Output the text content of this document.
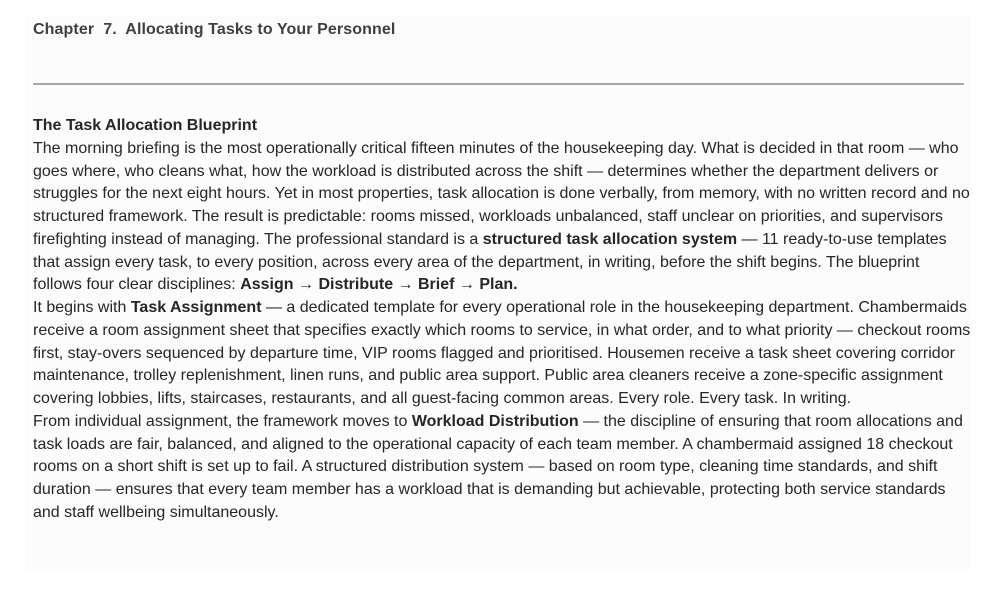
Chapter  7.  Allocating Tasks to Your Personnel

The Task Allocation Blueprint

The morning briefing is the most operationally critical fifteen minutes of the housekeeping day. What is decided in that room — who goes where, who cleans what, how the workload is distributed across the shift — determines whether the department delivers or struggles for the next eight hours. Yet in most properties, task allocation is done verbally, from memory, with no written record and no structured framework. The result is predictable: rooms missed, workloads unbalanced, staff unclear on priorities, and supervisors firefighting instead of managing. The professional standard is a structured task allocation system — 11 ready-to-use templates that assign every task, to every position, across every area of the department, in writing, before the shift begins. The blueprint follows four clear disciplines: Assign → Distribute → Brief → Plan.

It begins with Task Assignment — a dedicated template for every operational role in the housekeeping department. Chambermaids receive a room assignment sheet that specifies exactly which rooms to service, in what order, and to what priority — checkout rooms first, stay-overs sequenced by departure time, VIP rooms flagged and prioritised. Housemen receive a task sheet covering corridor maintenance, trolley replenishment, linen runs, and public area support. Public area cleaners receive a zone-specific assignment covering lobbies, lifts, staircases, restaurants, and all guest-facing common areas. Every role. Every task. In writing.

From individual assignment, the framework moves to Workload Distribution — the discipline of ensuring that room allocations and task loads are fair, balanced, and aligned to the operational capacity of each team member. A chambermaid assigned 18 checkout rooms on a short shift is set up to fail. A structured distribution system — based on room type, cleaning time standards, and shift duration — ensures that every team member has a workload that is demanding but achievable, protecting both service standards and staff wellbeing simultaneously.
